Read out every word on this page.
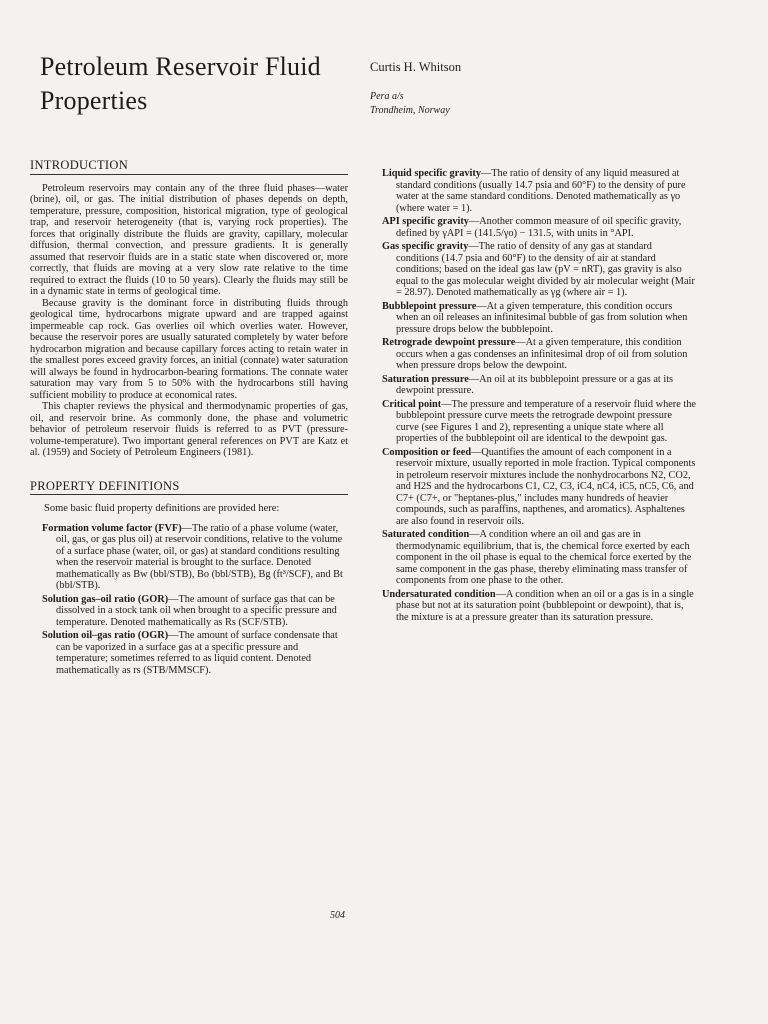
Petroleum Reservoir Fluid Properties
Curtis H. Whitson
Pera a/s
Trondheim, Norway
INTRODUCTION

Petroleum reservoirs may contain any of the three fluid phases—water (brine), oil, or gas. The initial distribution of phases depends on depth, temperature, pressure, composition, historical migration, type of geological trap, and reservoir heterogeneity (that is, varying rock properties). The forces that originally distribute the fluids are gravity, capillary, molecular diffusion, thermal convection, and pressure gradients. It is generally assumed that reservoir fluids are in a static state when discovered or, more correctly, that fluids are moving at a very slow rate relative to the time required to extract the fluids (10 to 50 years). Clearly the fluids may still be in a dynamic state in terms of geological time.

Because gravity is the dominant force in distributing fluids through geological time, hydrocarbons migrate upward and are trapped against impermeable cap rock. Gas overlies oil which overlies water. However, because the reservoir pores are usually saturated completely by water before hydrocarbon migration and because capillary forces acting to retain water in the smallest pores exceed gravity forces, an initial (connate) water saturation will always be found in hydrocarbon-bearing formations. The connate water saturation may vary from 5 to 50% with the hydrocarbons still having sufficient mobility to produce at economical rates.

This chapter reviews the physical and thermodynamic properties of gas, oil, and reservoir brine. As commonly done, the phase and volumetric behavior of petroleum reservoir fluids is referred to as PVT (pressure-volume-temperature). Two important general references on PVT are Katz et al. (1959) and Society of Petroleum Engineers (1981).

PROPERTY DEFINITIONS

Some basic fluid property definitions are provided here:

Formation volume factor (FVF)—The ratio of a phase volume (water, oil, gas, or gas plus oil) at reservoir conditions, relative to the volume of a surface phase (water, oil, or gas) at standard conditions resulting when the reservoir material is brought to the surface. Denoted mathematically as Bw (bbl/STB), Bo (bbl/STB), Bg (ft³/SCF), and Bt (bbl/STB).
Solution gas–oil ratio (GOR)—The amount of surface gas that can be dissolved in a stock tank oil when brought to a specific pressure and temperature. Denoted mathematically as Rs (SCF/STB).
Solution oil–gas ratio (OGR)—The amount of surface condensate that can be vaporized in a surface gas at a specific pressure and temperature; sometimes referred to as liquid content. Denoted mathematically as rs (STB/MMSCF).
Liquid specific gravity—The ratio of density of any liquid measured at standard conditions (usually 14.7 psia and 60°F) to the density of pure water at the same standard conditions. Denoted mathematically as γo (where water = 1).
API specific gravity—Another common measure of oil specific gravity, defined by γAPI = (141.5/γo) − 131.5, with units in °API.
Gas specific gravity—The ratio of density of any gas at standard conditions (14.7 psia and 60°F) to the density of air at standard conditions; based on the ideal gas law (pV = nRT), gas gravity is also equal to the gas molecular weight divided by air molecular weight (Mair = 28.97). Denoted mathematically as γg (where air = 1).
Bubblepoint pressure—At a given temperature, this condition occurs when an oil releases an infinitesimal bubble of gas from solution when pressure drops below the bubblepoint.
Retrograde dewpoint pressure—At a given temperature, this condition occurs when a gas condenses an infinitesimal drop of oil from solution when pressure drops below the dewpoint.
Saturation pressure—An oil at its bubblepoint pressure or a gas at its dewpoint pressure.
Critical point—The pressure and temperature of a reservoir fluid where the bubblepoint pressure curve meets the retrograde dewpoint pressure curve (see Figures 1 and 2), representing a unique state where all properties of the bubblepoint oil are identical to the dewpoint gas.
Composition or feed—Quantifies the amount of each component in a reservoir mixture, usually reported in mole fraction. Typical components in petroleum reservoir mixtures include the nonhydrocarbons N2, CO2, and H2S and the hydrocarbons C1, C2, C3, iC4, nC4, iC5, nC5, C6, and C7+ (C7+, or "heptanes-plus," includes many hundreds of heavier compounds, such as paraffins, napthenes, and aromatics). Asphaltenes are also found in reservoir oils.
Saturated condition—A condition where an oil and gas are in thermodynamic equilibrium, that is, the chemical force exerted by each component in the oil phase is equal to the chemical force exerted by the same component in the gas phase, thereby eliminating mass transfer of components from one phase to the other.
Undersaturated condition—A condition when an oil or a gas is in a single phase but not at its saturation point (bubblepoint or dewpoint), that is, the mixture is at a pressure greater than its saturation pressure.
504
